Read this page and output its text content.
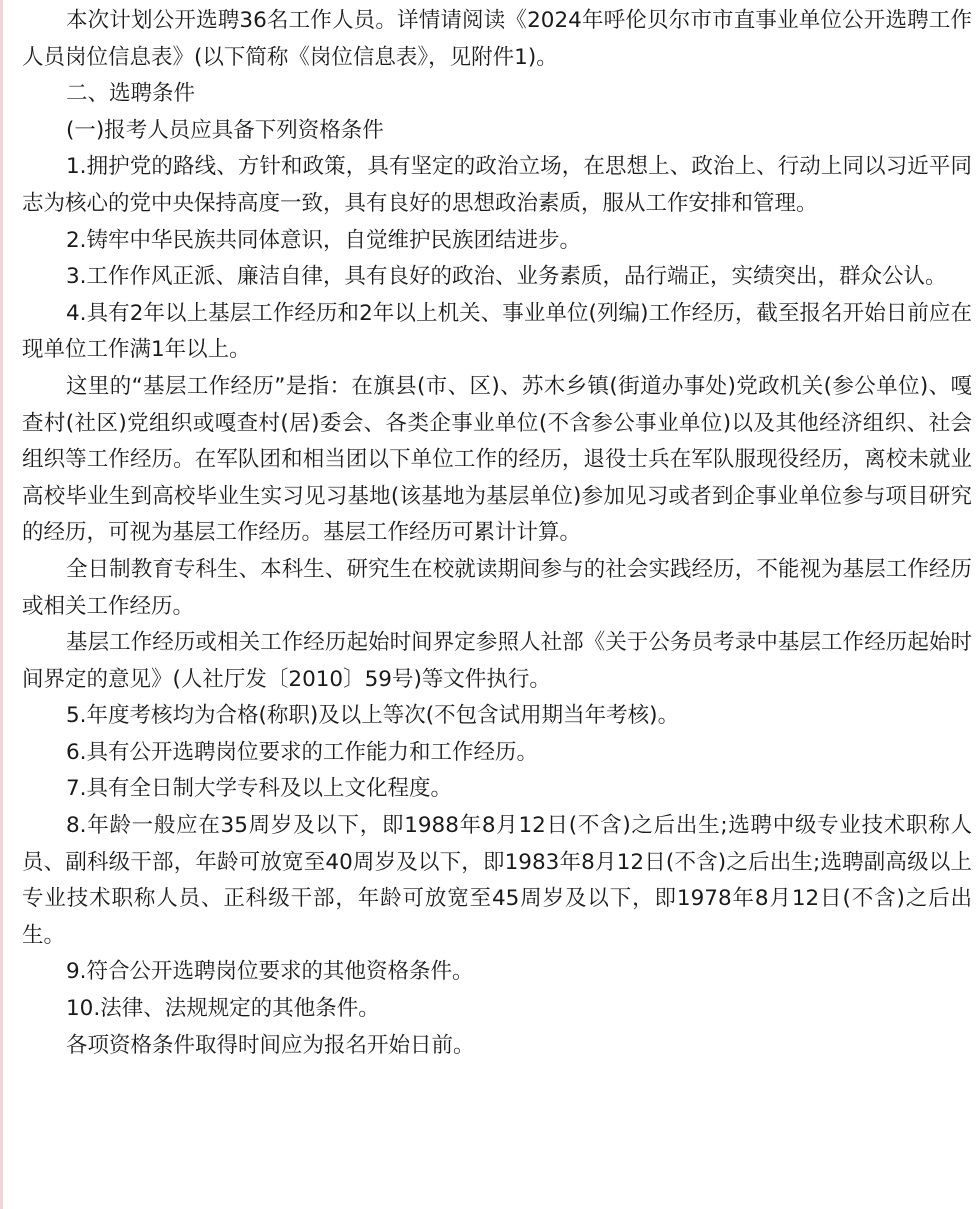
本次计划公开选聘36名工作人员。详情请阅读《2024年呼伦贝尔市市直事业单位公开选聘工作人员岗位信息表》(以下简称《岗位信息表》，见附件1)。

二、选聘条件

(一)报考人员应具备下列资格条件

1.拥护党的路线、方针和政策，具有坚定的政治立场，在思想上、政治上、行动上同以习近平同志为核心的党中央保持高度一致，具有良好的思想政治素质，服从工作安排和管理。

2.铸牢中华民族共同体意识，自觉维护民族团结进步。

3.工作作风正派、廉洁自律，具有良好的政治、业务素质，品行端正，实绩突出，群众公认。

4.具有2年以上基层工作经历和2年以上机关、事业单位(列编)工作经历，截至报名开始日前应在现单位工作满1年以上。

这里的“基层工作经历”是指：在旗县(市、区)、苏木乡镇(街道办事处)党政机关(参公单位)、嘎查村(社区)党组织或嘎查村(居)委会、各类企事业单位(不含参公事业单位)以及其他经济组织、社会组织等工作经历。在军队团和相当团以下单位工作的经历，退役士兵在军队服现役经历，离校未就业高校毕业生到高校毕业生实习见习基地(该基地为基层单位)参加见习或者到企事业单位参与项目研究的经历，可视为基层工作经历。基层工作经历可累计计算。

全日制教育专科生、本科生、研究生在校就读期间参与的社会实践经历，不能视为基层工作经历或相关工作经历。

基层工作经历或相关工作经历起始时间界定参照人社部《关于公务员考录中基层工作经历起始时间界定的意见》(人社厅发〔2010〕59号)等文件执行。

5.年度考核均为合格(称职)及以上等次(不包含试用期当年考核)。

6.具有公开选聘岗位要求的工作能力和工作经历。

7.具有全日制大学专科及以上文化程度。

8.年龄一般应在35周岁及以下，即1988年8月12日(不含)之后出生;选聘中级专业技术职称人员、副科级干部，年龄可放宽至40周岁及以下，即1983年8月12日(不含)之后出生;选聘副高级以上专业技术职称人员、正科级干部，年龄可放宽至45周岁及以下，即1978年8月12日(不含)之后出生。

9.符合公开选聘岗位要求的其他资格条件。

10.法律、法规规定的其他条件。

各项资格条件取得时间应为报名开始日前。
